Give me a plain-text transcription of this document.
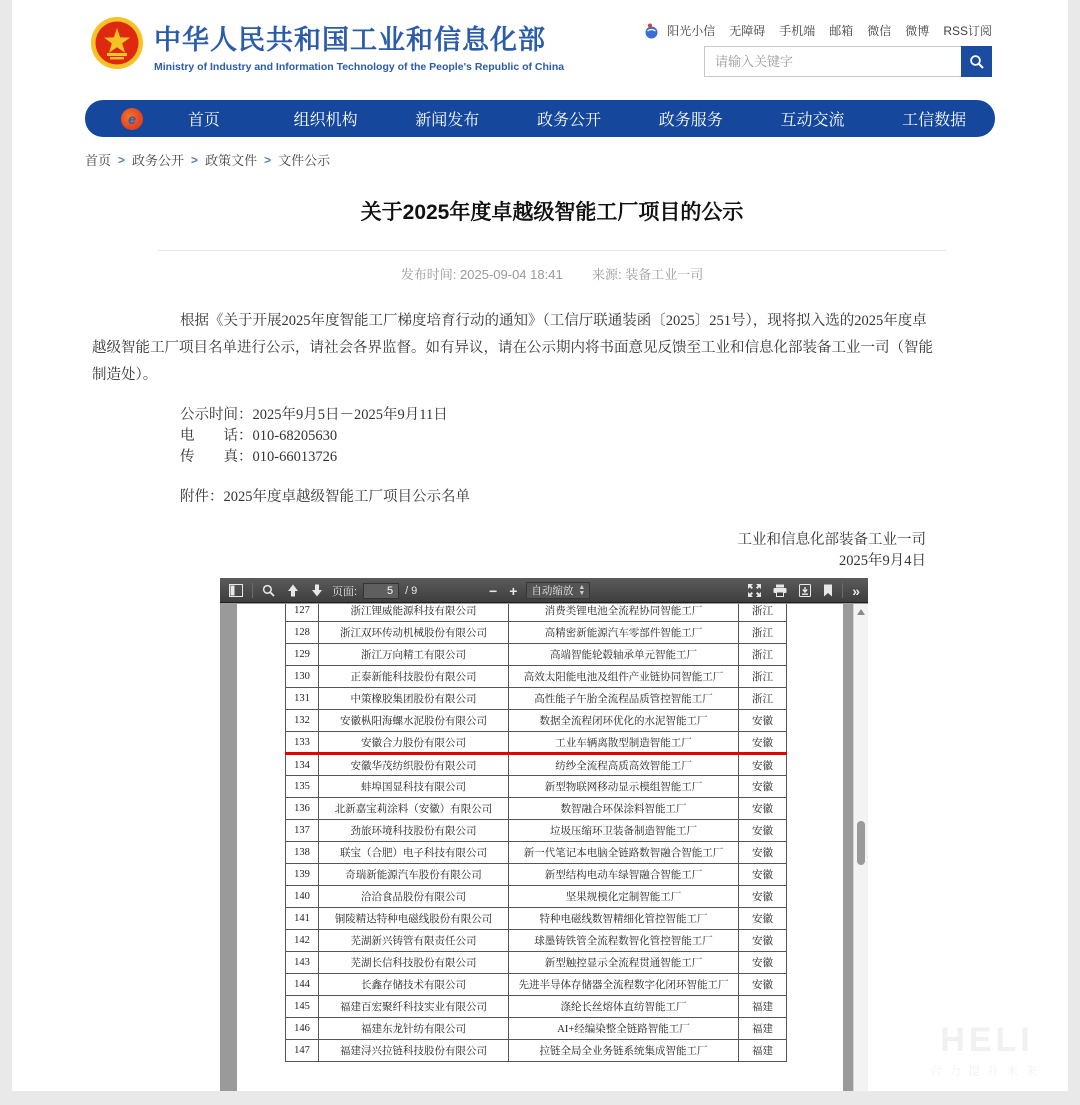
中华人民共和国工业和信息化部
Ministry of Industry and Information Technology of the People's Republic of China
阳光小信 无障碍 手机端 邮箱 微信 微博 RSS订阅
请输入关键字
e	首页	组织机构	新闻发布	政务公开	政务服务	互动交流	工信数据
首页 > 政务公开 > 政策文件 > 文件公示
关于2025年度卓越级智能工厂项目的公示
发布时间: 2025-09-04 18:41 来源: 装备工业一司

根据《关于开展2025年度智能工厂梯度培育行动的通知》（工信厅联通装函〔2025〕251号），现将拟入选的2025年度卓越级智能工厂项目名单进行公示，请社会各界监督。如有异议，请在公示期内将书面意见反馈至工业和信息化部装备工业一司（智能制造处）。

公示时间：2025年9月5日－2025年9月11日

电　　话：010-68205630

传　　真：010-66013726

附件：2025年度卓越级智能工厂项目公示名单

工业和信息化部装备工业一司
2025年9月4日
页面:
5	/ 9	− + 自动缩放 ▲
▼	»
127	浙江锂威能源科技有限公司	消费类锂电池全流程协同智能工厂	浙江
128	浙江双环传动机械股份有限公司	高精密新能源汽车零部件智能工厂	浙江
129	浙江万向精工有限公司	高端智能轮毂轴承单元智能工厂	浙江
130	正泰新能科技股份有限公司	高效太阳能电池及组件产业链协同智能工厂	浙江
131	中策橡胶集团股份有限公司	高性能子午胎全流程品质管控智能工厂	浙江
132	安徽枞阳海螺水泥股份有限公司	数据全流程闭环优化的水泥智能工厂	安徽
133	安徽合力股份有限公司	工业车辆离散型制造智能工厂	安徽
134	安徽华茂纺织股份有限公司	纺纱全流程高质高效智能工厂	安徽
135	蚌埠国显科技有限公司	新型物联网移动显示模组智能工厂	安徽
136	北新嘉宝莉涂料（安徽）有限公司	数智融合环保涂料智能工厂	安徽
137	劲旅环境科技股份有限公司	垃圾压缩环卫装备制造智能工厂	安徽
138	联宝（合肥）电子科技有限公司	新一代笔记本电脑全链路数智融合智能工厂	安徽
139	奇瑞新能源汽车股份有限公司	新型结构电动车绿智融合智能工厂	安徽
140	洽洽食品股份有限公司	坚果规模化定制智能工厂	安徽
141	铜陵精达特种电磁线股份有限公司	特种电磁线数智精细化管控智能工厂	安徽
142	芜湖新兴铸管有限责任公司	球墨铸铁管全流程数智化管控智能工厂	安徽
143	芜湖长信科技股份有限公司	新型触控显示全流程贯通智能工厂	安徽
144	长鑫存储技术有限公司	先进半导体存储器全流程数字化闭环智能工厂	安徽
145	福建百宏聚纤科技实业有限公司	涤纶长丝熔体直纺智能工厂	福建
146	福建东龙针纺有限公司	AI+经编染整全链路智能工厂	福建
147	福建浔兴拉链科技股份有限公司	拉链全局全业务链系统集成智能工厂	福建	HELI
合力提升未来
